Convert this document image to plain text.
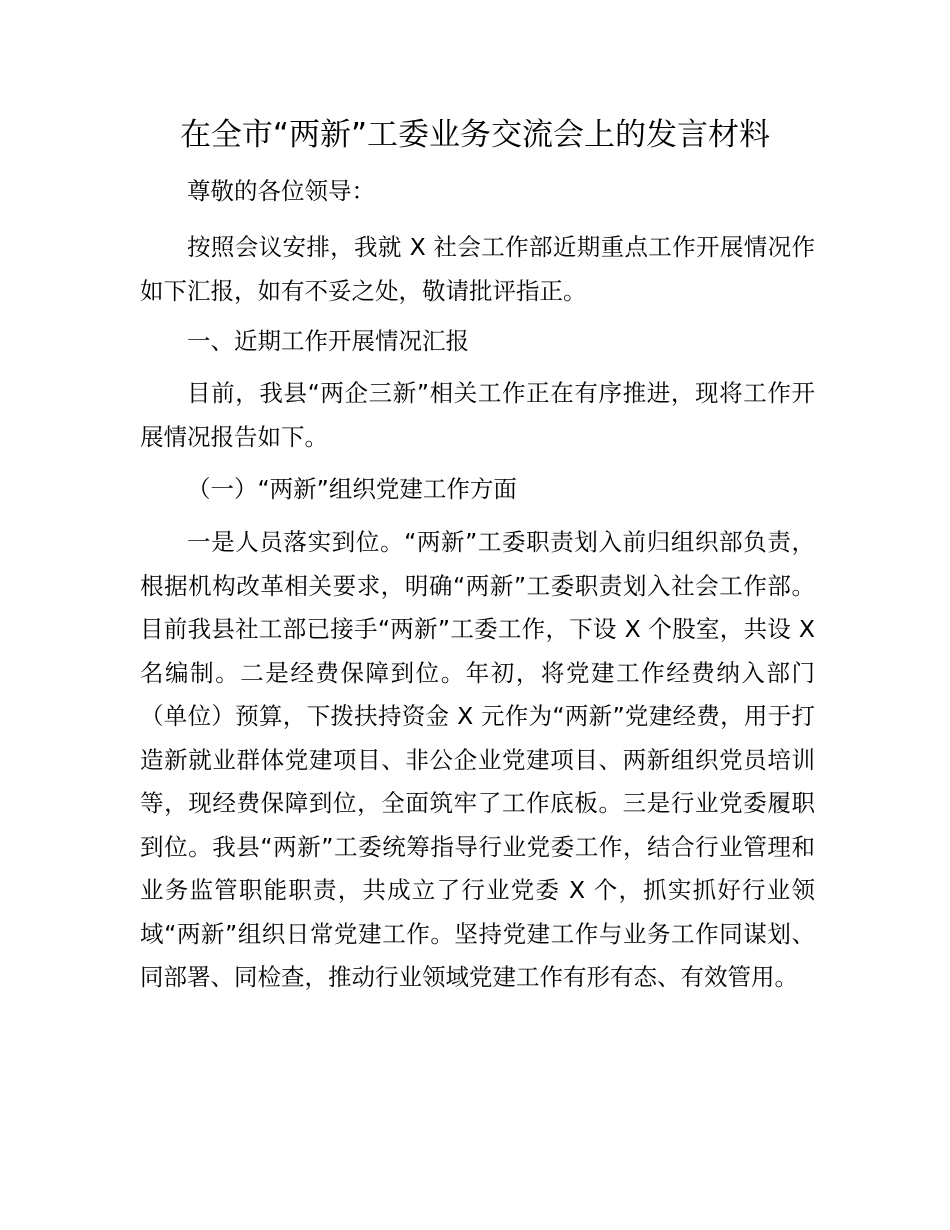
在全市“两新”工委业务交流会上的发言材料

尊敬的各位领导：

按照会议安排，我就 X 社会工作部近期重点工作开展情况作如下汇报，如有不妥之处，敬请批评指正。

一、近期工作开展情况汇报

目前，我县“两企三新”相关工作正在有序推进，现将工作开展情况报告如下。

（一）“两新”组织党建工作方面

一是人员落实到位。“两新”工委职责划入前归组织部负责，根据机构改革相关要求，明确“两新”工委职责划入社会工作部。目前我县社工部已接手“两新”工委工作，下设 X 个股室，共设 X 名编制。二是经费保障到位。年初，将党建工作经费纳入部门（单位）预算，下拨扶持资金 X 元作为“两新”党建经费，用于打造新就业群体党建项目、非公企业党建项目、两新组织党员培训等，现经费保障到位，全面筑牢了工作底板。三是行业党委履职到位。我县“两新”工委统筹指导行业党委工作，结合行业管理和业务监管职能职责，共成立了行业党委 X 个，抓实抓好行业领域“两新”组织日常党建工作。坚持党建工作与业务工作同谋划、同部署、同检查，推动行业领域党建工作有形有态、有效管用。
